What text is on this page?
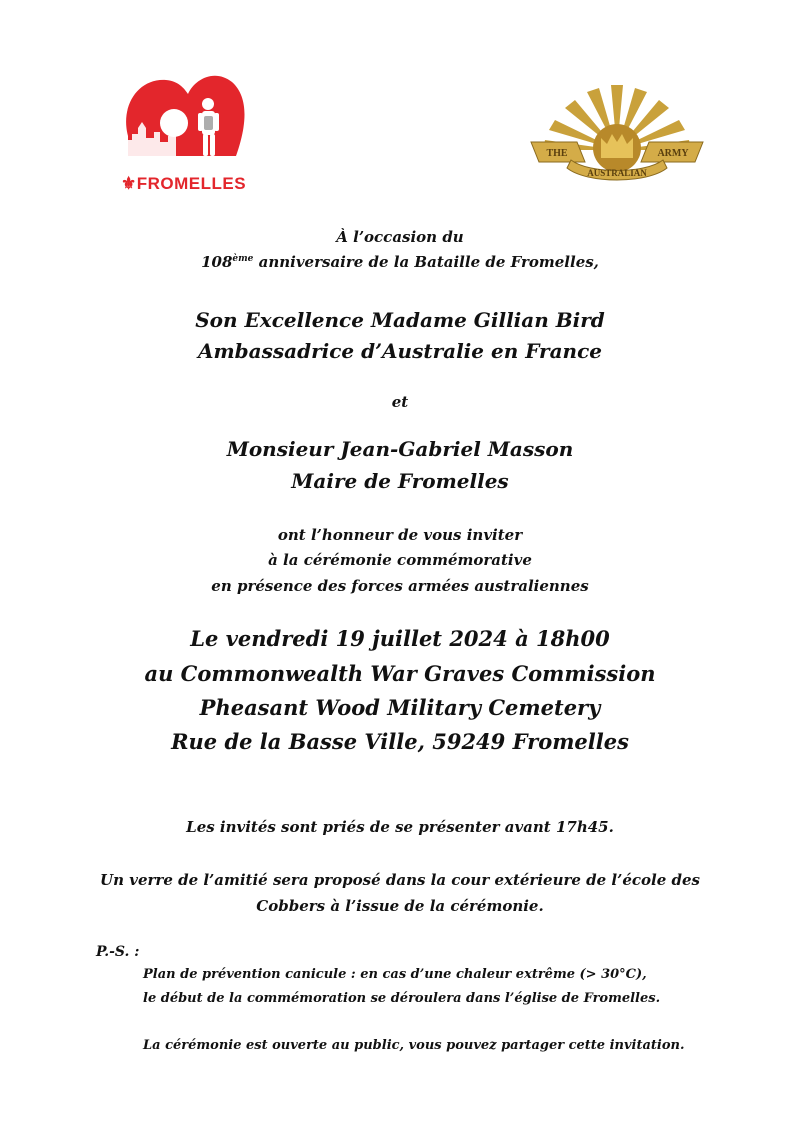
⚜FROMELLES
THE	ARMY
AUSTRALIAN
À l’occasion du
108ème anniversaire de la Bataille de Fromelles,
Son Excellence Madame Gillian Bird
Ambassadrice d’Australie en France
et
Monsieur Jean-Gabriel Masson
Maire de Fromelles
ont l’honneur de vous inviter
à la cérémonie commémorative
en présence des forces armées australiennes
Le vendredi 19 juillet 2024 à 18h00
au Commonwealth War Graves Commission
Pheasant Wood Military Cemetery
Rue de la Basse Ville, 59249 Fromelles
Les invités sont priés de se présenter avant 17h45.
Un verre de l’amitié sera proposé dans la cour extérieure de l’école des
Cobbers à l’issue de la cérémonie.
P.-S. :
Plan de prévention canicule : en cas d’une chaleur extrême (> 30°C),
le début de la commémoration se déroulera dans l’église de Fromelles.
La cérémonie est ouverte au public, vous pouvez partager cette invitation.
